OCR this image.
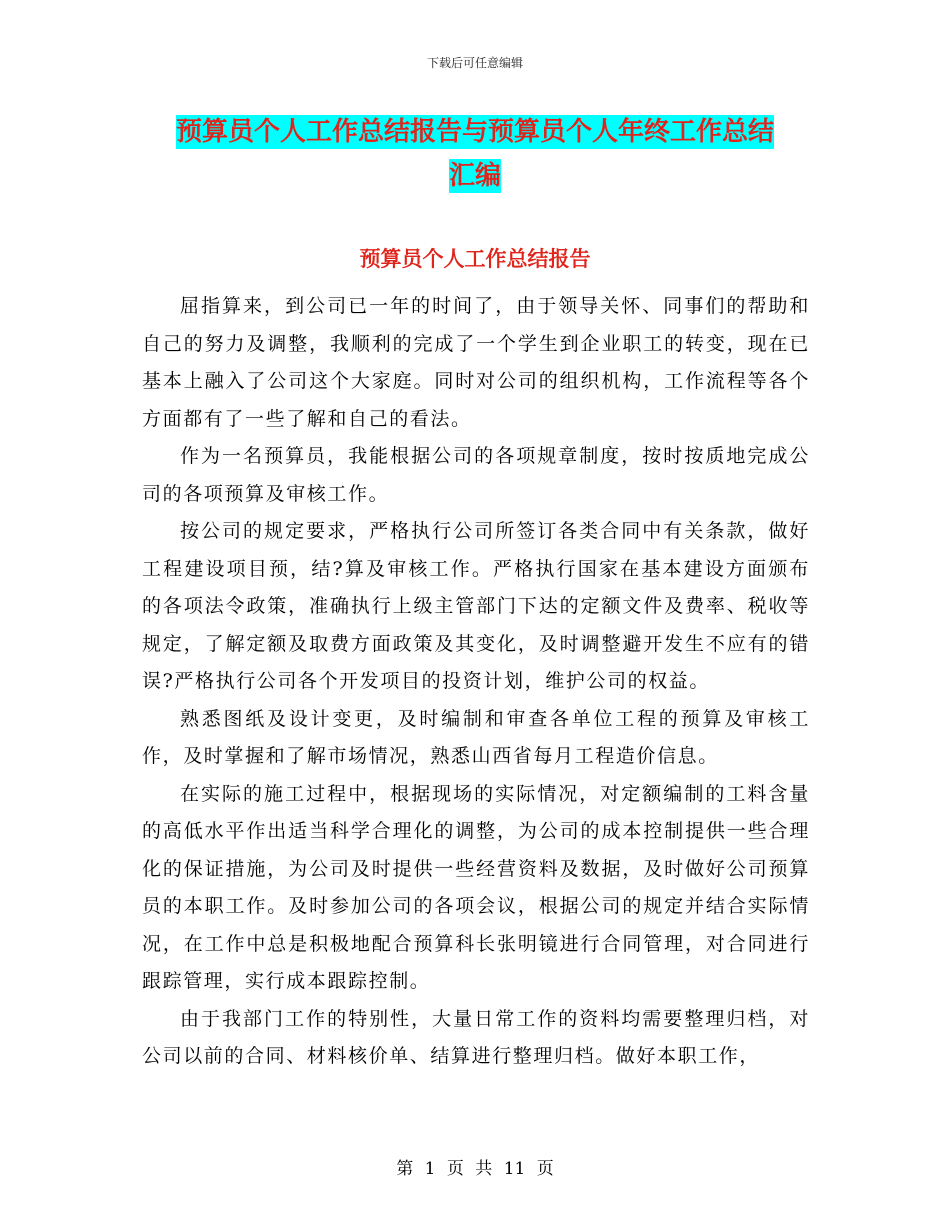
下载后可任意编辑
预算员个人工作总结报告与预算员个人年终工作总结
汇编
预算员个人工作总结报告

屈指算来，到公司已一年的时间了，由于领导关怀、同事们的帮助和自己的努力及调整，我顺利的完成了一个学生到企业职工的转变，现在已基本上融入了公司这个大家庭。同时对公司的组织机构，工作流程等各个方面都有了一些了解和自己的看法。

作为一名预算员，我能根据公司的各项规章制度，按时按质地完成公司的各项预算及审核工作。

按公司的规定要求，严格执行公司所签订各类合同中有关条款，做好工程建设项目预，结?算及审核工作。严格执行国家在基本建设方面颁布的各项法令政策，准确执行上级主管部门下达的定额文件及费率、税收等规定，了解定额及取费方面政策及其变化，及时调整避开发生不应有的错误?严格执行公司各个开发项目的投资计划，维护公司的权益。

熟悉图纸及设计变更，及时编制和审查各单位工程的预算及审核工作，及时掌握和了解市场情况，熟悉山西省每月工程造价信息。

在实际的施工过程中，根据现场的实际情况，对定额编制的工料含量的高低水平作出适当科学合理化的调整，为公司的成本控制提供一些合理化的保证措施，为公司及时提供一些经营资料及数据，及时做好公司预算员的本职工作。及时参加公司的各项会议，根据公司的规定并结合实际情况，在工作中总是积极地配合预算科长张明镜进行合同管理，对合同进行跟踪管理，实行成本跟踪控制。

由于我部门工作的特别性，大量日常工作的资料均需要整理归档，对公司以前的合同、材料核价单、结算进行整理归档。做好本职工作，

第 1 页 共 11 页
